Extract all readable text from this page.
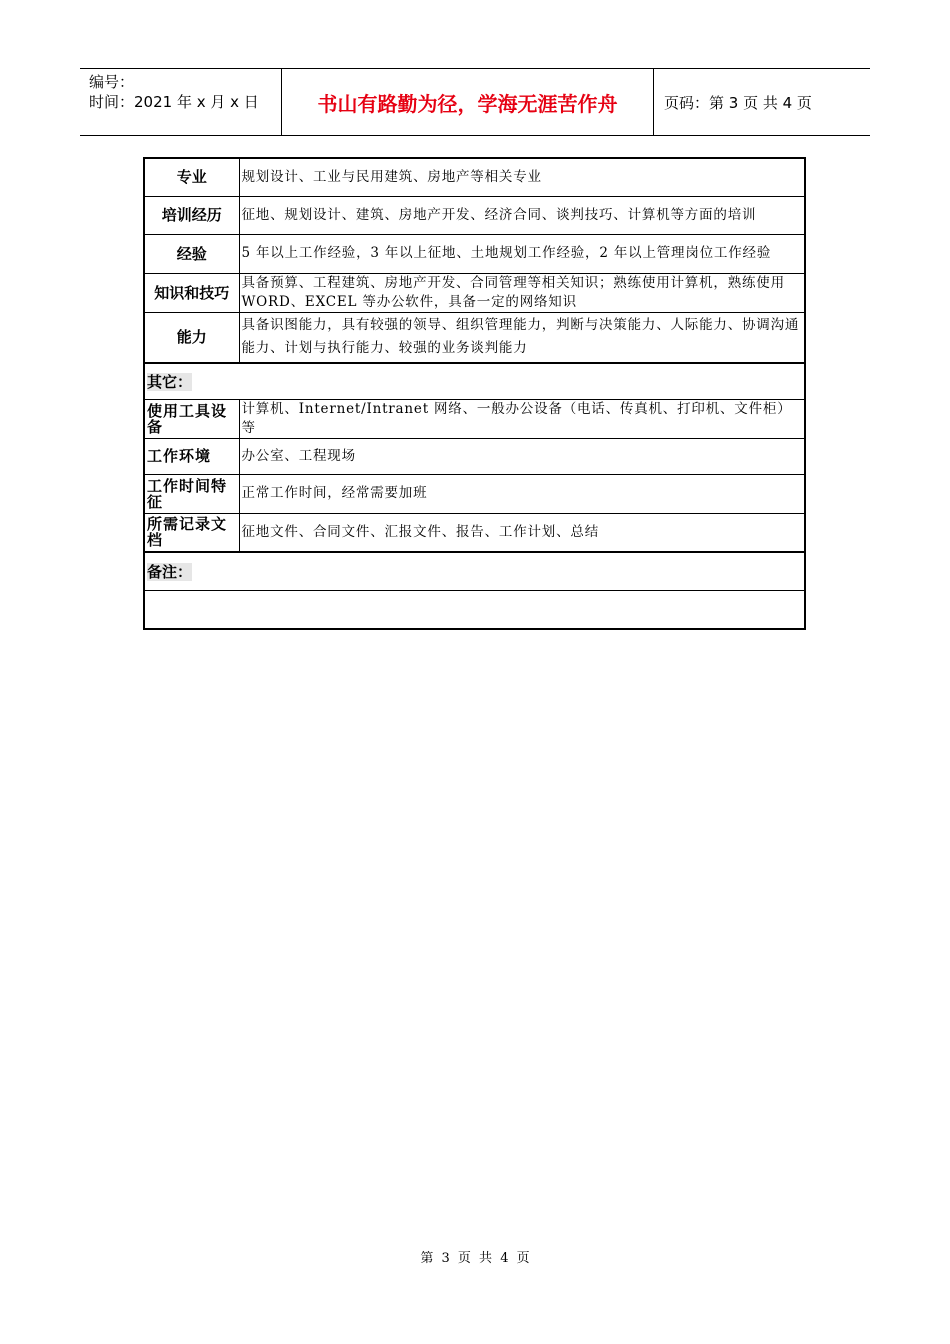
编号：
时间：2021 年 x 月 x 日	书山有路勤为径，学海无涯苦作舟	页码：第 3 页 共 4 页
专业	规划设计、工业与民用建筑、房地产等相关专业
培训经历	征地、规划设计、建筑、房地产开发、经济合同、谈判技巧、计算机等方面的培训
经验	5 年以上工作经验，3 年以上征地、土地规划工作经验，2 年以上管理岗位工作经验
知识和技巧	具备预算、工程建筑、房地产开发、合同管理等相关知识；熟练使用计算机，熟练使用 WORD、EXCEL 等办公软件，具备一定的网络知识
能力	具备识图能力，具有较强的领导、组织管理能力，判断与决策能力、人际能力、协调沟通能力、计划与执行能力、较强的业务谈判能力
其它：	
使用工具设备	计算机、Internet/Intranet 网络、一般办公设备（电话、传真机、打印机、文件柜）等
工作环境	办公室、工程现场
工作时间特征	正常工作时间，经常需要加班
所需记录文档	征地文件、合同文件、汇报文件、报告、工作计划、总结
备注：	

第 3 页 共 4 页
